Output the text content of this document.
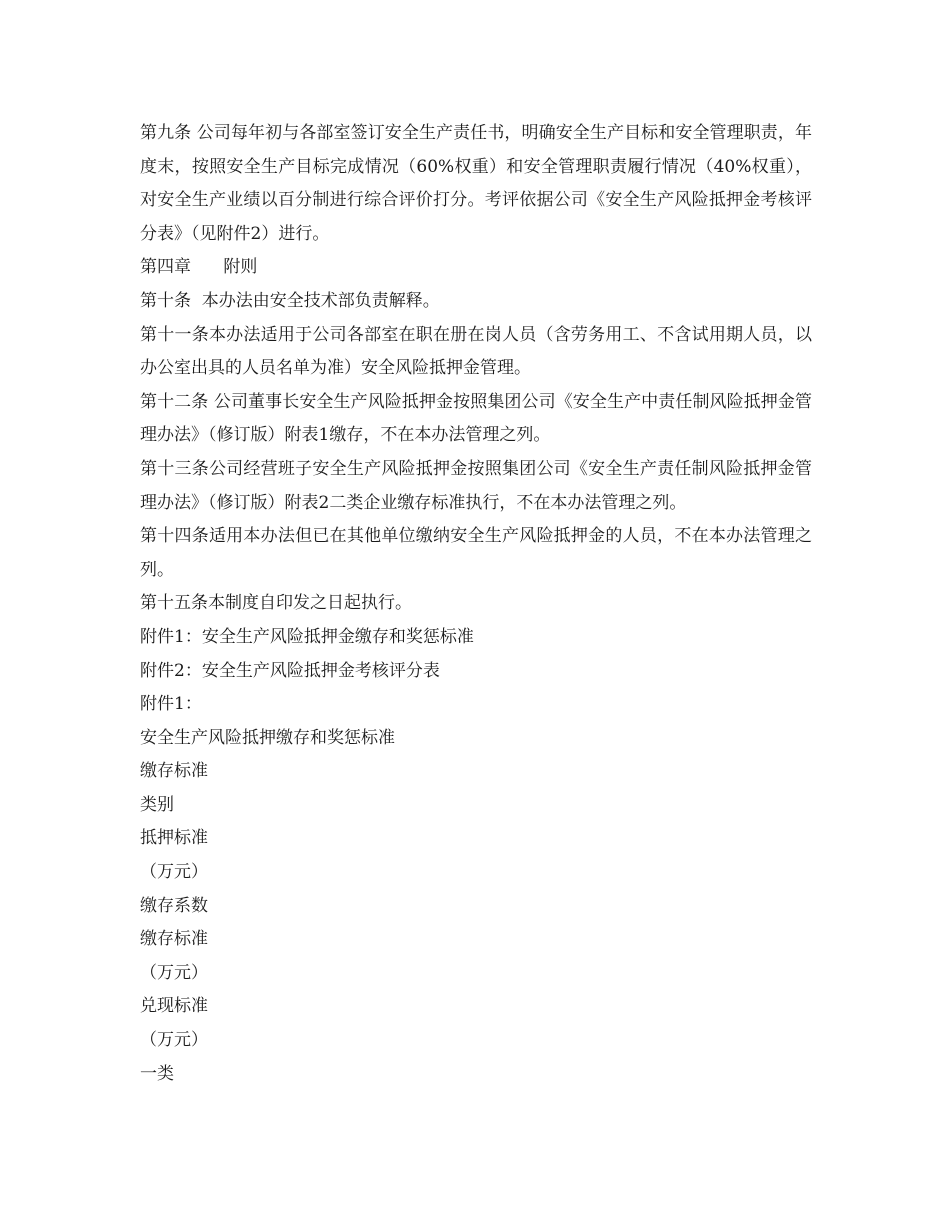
第九条 公司每年初与各部室签订安全生产责任书，明确安全生产目标和安全管理职责，年度末，按照安全生产目标完成情况（60%权重）和安全管理职责履行情况（40%权重），对安全生产业绩以百分制进行综合评价打分。考评依据公司《安全生产风险抵押金考核评分表》（见附件2）进行。

第四章      附则

第十条  本办法由安全技术部负责解释。

第十一条本办法适用于公司各部室在职在册在岗人员（含劳务用工、不含试用期人员，以办公室出具的人员名单为准）安全风险抵押金管理。

第十二条 公司董事长安全生产风险抵押金按照集团公司《安全生产中责任制风险抵押金管理办法》（修订版）附表1缴存，不在本办法管理之列。

第十三条公司经营班子安全生产风险抵押金按照集团公司《安全生产责任制风险抵押金管理办法》（修订版）附表2二类企业缴存标准执行，不在本办法管理之列。

第十四条适用本办法但已在其他单位缴纳安全生产风险抵押金的人员，不在本办法管理之列。

第十五条本制度自印发之日起执行。

附件1：安全生产风险抵押金缴存和奖惩标准

附件2：安全生产风险抵押金考核评分表

附件1：

安全生产风险抵押缴存和奖惩标准

缴存标准

类别

抵押标准

（万元）

缴存系数

缴存标准

（万元）

兑现标准

（万元）

一类
